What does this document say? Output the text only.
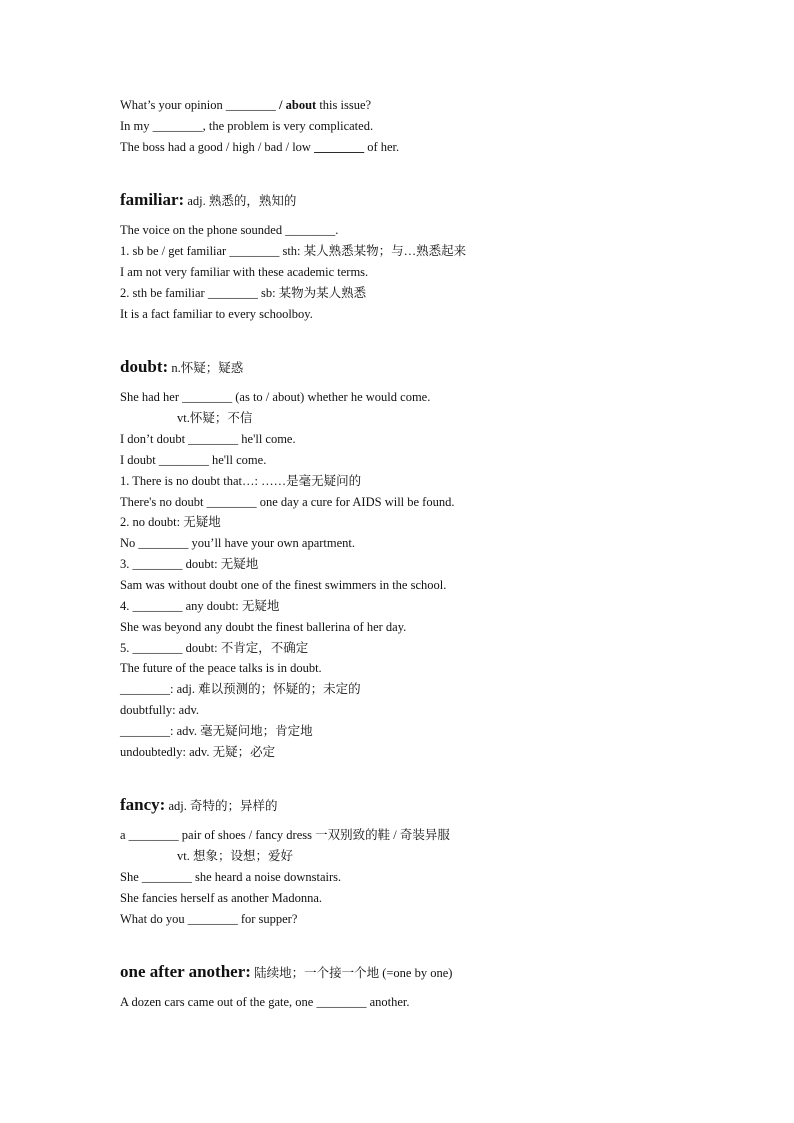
What’s your opinion ________ / about this issue?

In my ________, the problem is very complicated.

The boss had a good / high / bad / low ________ of her.

familiar: adj. 熟悉的，熟知的

The voice on the phone sounded ________.

1. sb be / get familiar ________ sth: 某人熟悉某物；与…熟悉起来

I am not very familiar with these academic terms.

2. sth be familiar ________ sb: 某物为某人熟悉

It is a fact familiar to every schoolboy.

doubt: n.怀疑；疑惑

She had her ________ (as to / about) whether he would come.

vt.怀疑；不信

I don’t doubt ________ he'll come.

I doubt ________ he'll come.

1. There is no doubt that…: ……是毫无疑问的

There's no doubt ________ one day a cure for AIDS will be found.

2. no doubt: 无疑地

No ________ you’ll have your own apartment.

3. ________ doubt: 无疑地

Sam was without doubt one of the finest swimmers in the school.

4. ________ any doubt: 无疑地

She was beyond any doubt the finest ballerina of her day.

5. ________ doubt: 不肯定，不确定

The future of the peace talks is in doubt.

________: adj. 难以预测的；怀疑的；未定的

doubtfully: adv.

________: adv. 毫无疑问地；肯定地

undoubtedly: adv. 无疑；必定

fancy: adj. 奇特的；异样的

a ________ pair of shoes / fancy dress 一双别致的鞋 / 奇装异服

vt. 想象；设想；爱好

She ________ she heard a noise downstairs.

She fancies herself as another Madonna.

What do you ________ for supper?

one after another: 陆续地；一个接一个地 (=one by one)

A dozen cars came out of the gate, one ________ another.
